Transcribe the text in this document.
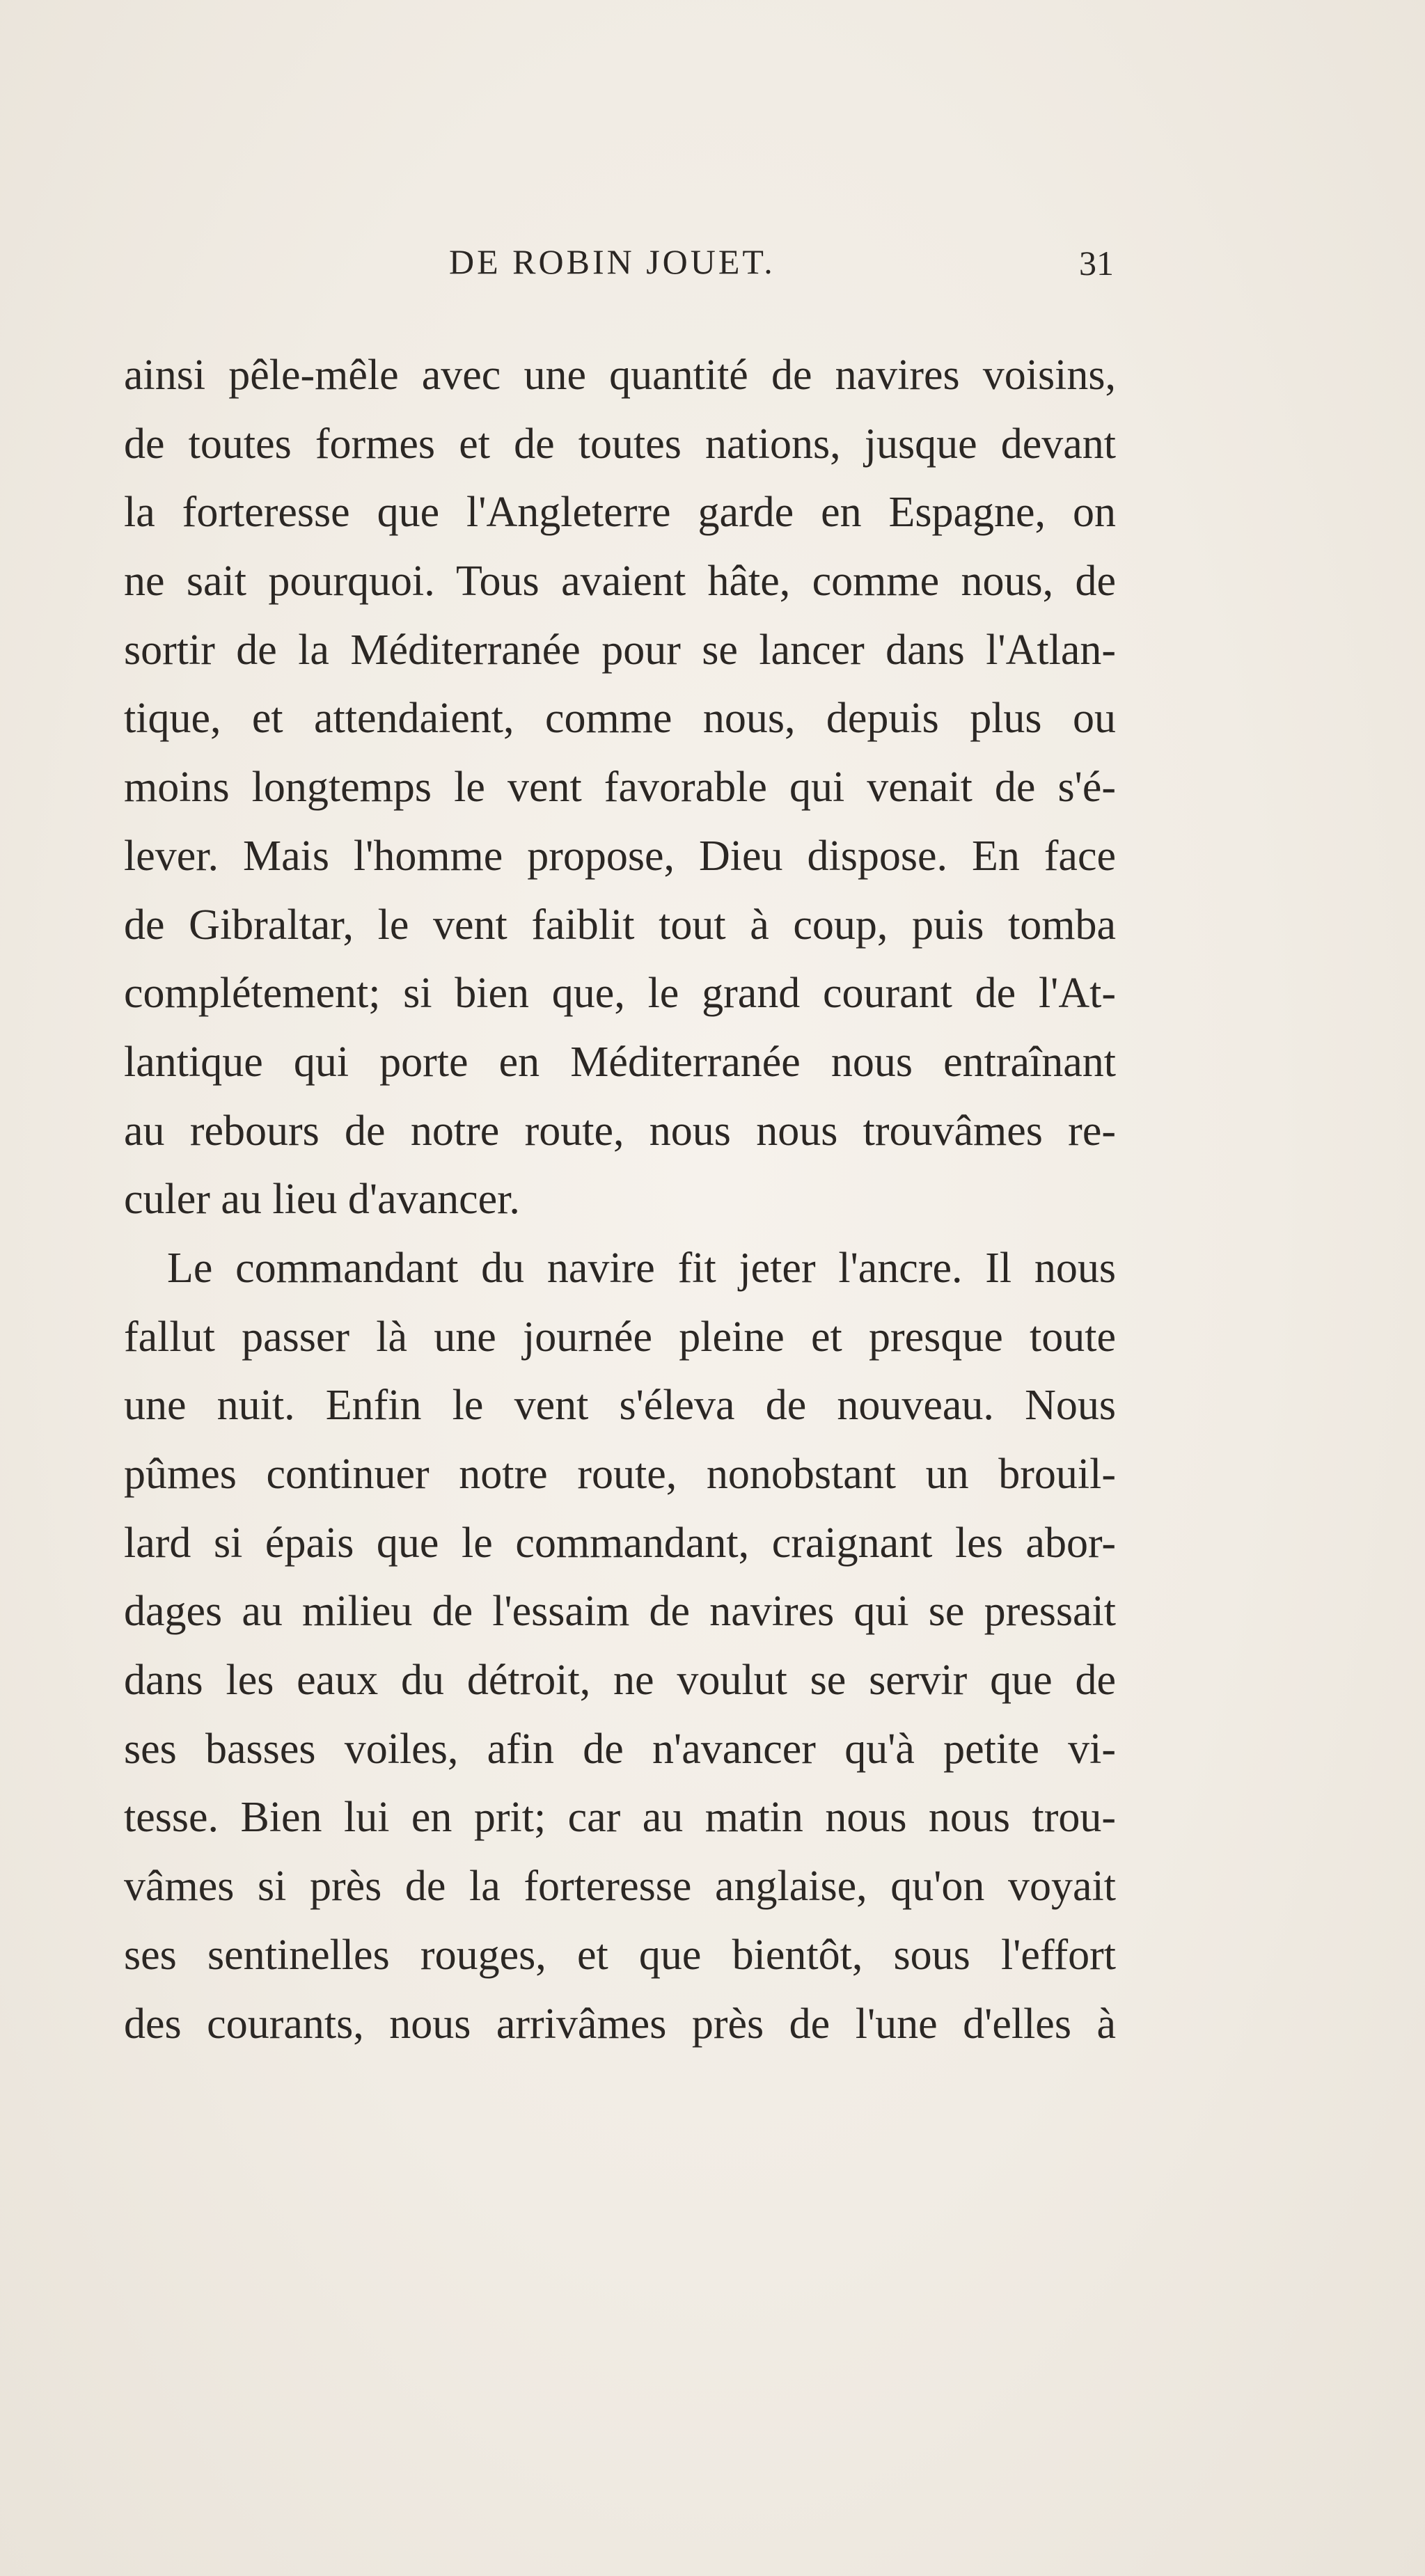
DE ROBIN JOUET.	31
ainsi pêle-mêle avec une quantité de navires voisins,
de toutes formes et de toutes nations, jusque devant
la forteresse que l'Angleterre garde en Espagne, on
ne sait pourquoi. Tous avaient hâte, comme nous, de
sortir de la Méditerranée pour se lancer dans l'Atlan-
tique, et attendaient, comme nous, depuis plus ou
moins longtemps le vent favorable qui venait de s'é-
lever. Mais l'homme propose, Dieu dispose. En face
de Gibraltar, le vent faiblit tout à coup, puis tomba
complétement; si bien que, le grand courant de l'At-
lantique qui porte en Méditerranée nous entraînant
au rebours de notre route, nous nous trouvâmes re-
culer au lieu d'avancer.
Le commandant du navire fit jeter l'ancre. Il nous
fallut passer là une journée pleine et presque toute
une nuit. Enfin le vent s'éleva de nouveau. Nous
pûmes continuer notre route, nonobstant un brouil-
lard si épais que le commandant, craignant les abor-
dages au milieu de l'essaim de navires qui se pressait
dans les eaux du détroit, ne voulut se servir que de
ses basses voiles, afin de n'avancer qu'à petite vi-
tesse. Bien lui en prit; car au matin nous nous trou-
vâmes si près de la forteresse anglaise, qu'on voyait
ses sentinelles rouges, et que bientôt, sous l'effort
des courants, nous arrivâmes près de l'une d'elles à
